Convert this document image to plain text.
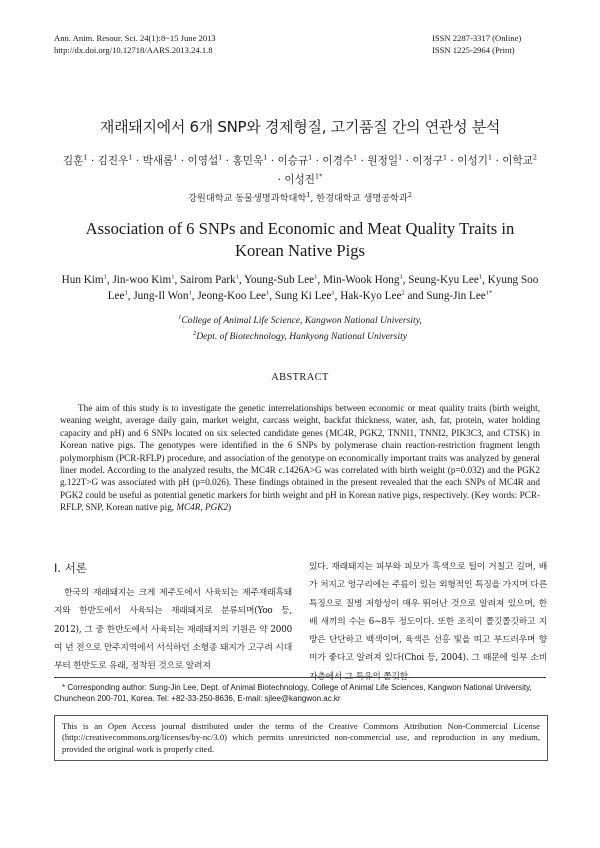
Ann. Anim. Resour. Sci. 24(1):8~15 June 2013
http://dx.doi.org/10.12718/AARS.2013.24.1.8
ISSN 2287-3317 (Online)
ISSN 1225-2964 (Print)
재래돼지에서 6개 SNP와 경제형질, 고기품질 간의 연관성 분석
김훈$^1$ · 김진우$^1$ · 박새롬$^1$ · 이영섭$^1$ · 홍민욱$^1$ · 이승규$^1$ · 이경수$^1$ · 원정일$^1$ · 이정구$^1$ · 이성기$^1$ · 이학교$^2$
· 이성진$^{1*}$
강원대학교 동물생명과학대학$^1$, 한경대학교 생명공학과$^2$
Association of 6 SNPs and Economic and Meat Quality Traits in Korean Native Pigs
Hun Kim$^1$, Jin-woo Kim$^1$, Sairom Park$^1$, Young-Sub Lee$^1$, Min-Wook Hong$^1$, Seung-Kyu Lee$^1$, Kyung Soo Lee$^1$, Jung-Il Won$^1$, Jeong-Koo Lee$^1$, Sung Ki Lee$^1$, Hak-Kyo Lee$^2$ and Sung-Jin Lee$^{1*}$
$^1$College of Animal Life Science, Kangwon National University,
$^2$Dept. of Biotechnology, Hankyong National University
ABSTRACT
The aim of this study is to investigate the genetic interrelationships between economic or meat quality traits (birth weight, weaning weight, average daily gain, market weight, carcass weight, backfat thickness, water, ash, fat, protein, water holding capacity and pH) and 6 SNPs located on six selected candidate genes (MC4R, PGK2, TNNI1, TNNI2, PIK3C3, and CTSK) in Korean native pigs. The genotypes were identified in the 6 SNPs by polymerase chain reaction-restriction fragment length polymorphism (PCR-RFLP) procedure, and association of the genotype on economically important traits was analyzed by general liner model. According to the analyzed results, the MC4R c.1426A>G was correlated with birth weight (p=0.032) and the PGK2 g.122T>G was associated with pH (p=0.026). These findings obtained in the present revealed that the each SNPs of MC4R and PGK2 could be useful as potential genetic markers for birth weight and pH in Korean native pigs, respectively. (Key words: PCR-RFLP, SNP, Korean native pig, MC4R, PGK2)
I. 서론
한국의 재래돼지는 크게 제주도에서 사육되는 제주재래흑돼지와 한반도에서 사육되는 재래돼지로 분류되며(Yoo 등, 2012), 그 중 한반도에서 사육되는 재래돼지의 기원은 약 2000 여 년 전으로 만주지역에서 서식하던 소형종 돼지가 고구려 시대부터 한반도로 유래, 정착된 것으로 알려져
있다. 재래돼지는 피부와 피모가 흑색으로 털이 거칠고 길며, 배가 처지고 엉구리에는 주름이 있는 외형적인 특징을 가지며 다른 특징으로 질병 저항성이 매우 뛰어난 것으로 알려져 있으며, 한 배 새끼의 수는 6~8두 정도이다. 또한 조직이 쫄깃쫄깃하고 지방은 단단하고 백색이며, 육색은 선홍 빛을 띠고 부드러우며 향미가 좋다고 알려져 있다(Choi 등, 2004). 그 때문에 일부 소비자층에서 그 특유의 쫄깃함
* Corresponding author: Sung-Jin Lee, Dept. of Animal Biotechnology, College of Animal Life Sciences, Kangwon National University, Chuncheon 200-701, Korea. Tel: +82-33-250-8636, E-mail: sjlee@kangwon.ac.kr
This is an Open Access journal distributed under the terms of the Creative Commons Attribution Non-Commercial License (http://creativecommons.org/licenses/by-nc/3.0) which permits unrestricted non-commercial use, and reproduction in any medium, provided the original work is properly cited.
